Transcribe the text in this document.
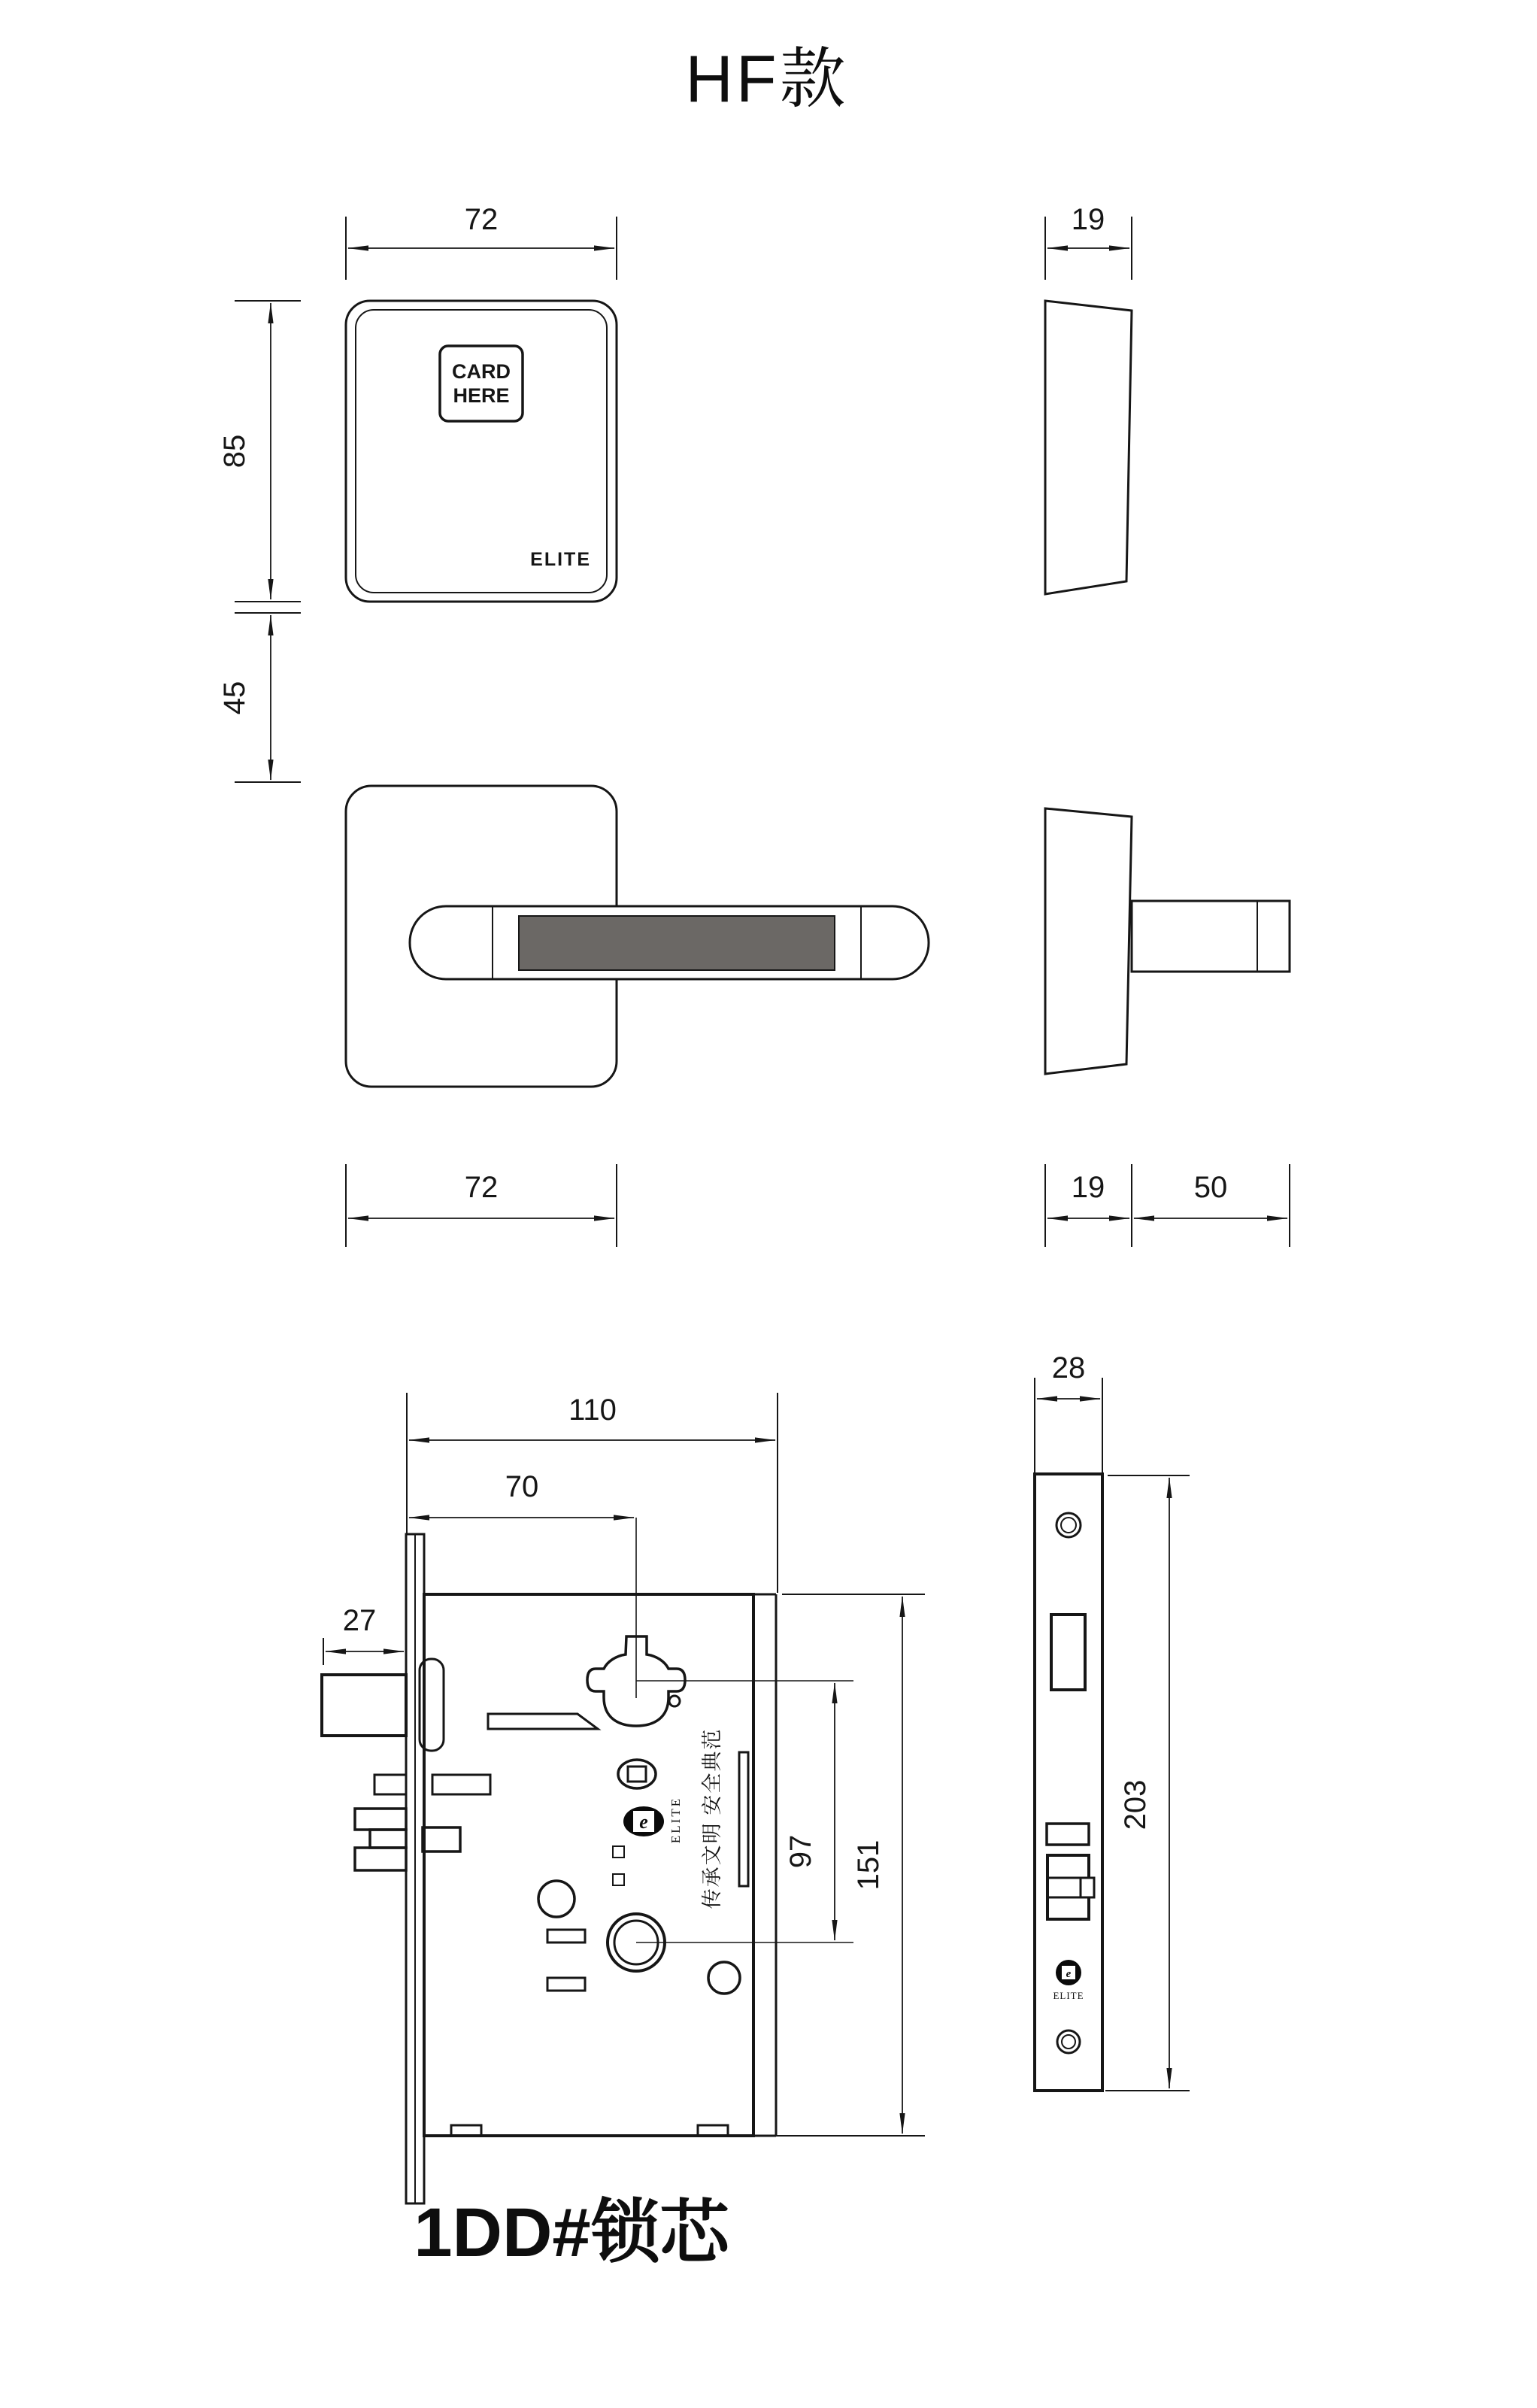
HF款
72
CARD
HERE
ELITE
85
45
19
72	19	50
110
70
27
e ELITE 传承文明 安全典范 97 151
28
e
ELITE
203
1DD#锁芯
